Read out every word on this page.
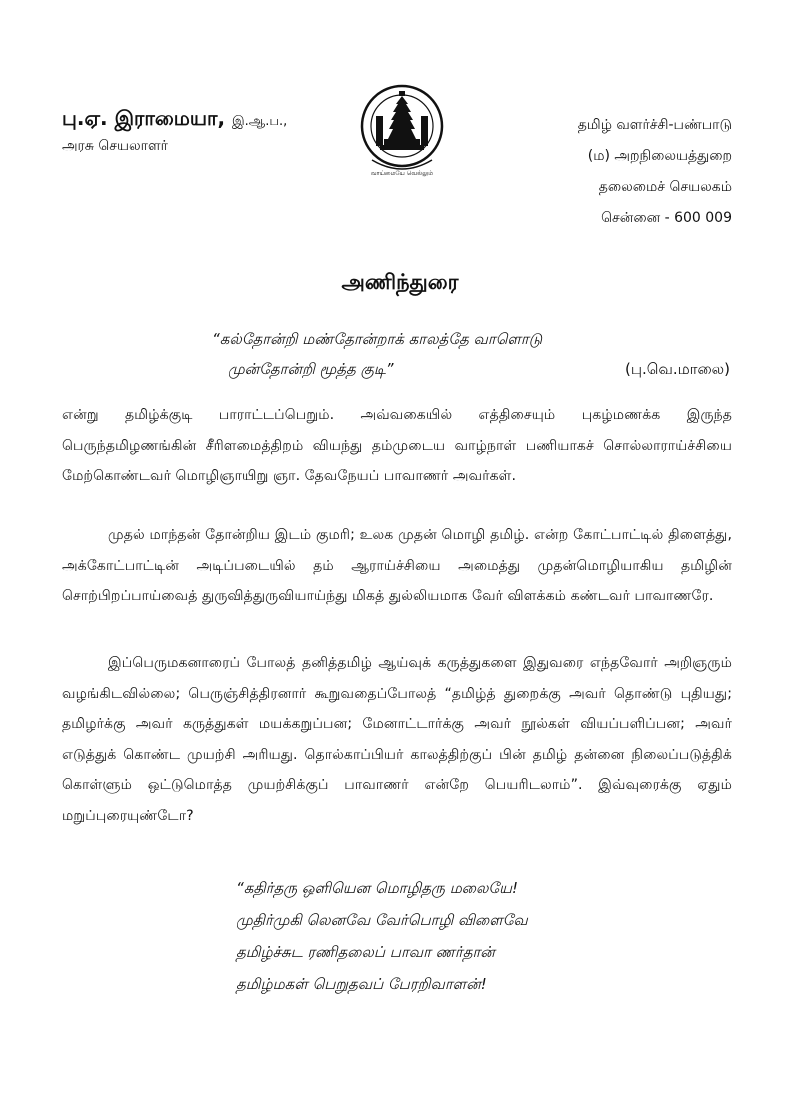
பு.ஏ. இராமையா, இ.ஆ.ப.,
அரசு செயலாளர்
வாய்மையே வெல்லும்
தமிழ் வளர்ச்சி-பண்பாடு
(ம) அறநிலையத்துறை
தலைமைச் செயலகம்
சென்னை - 600 009
அணிந்துரை
“கல்தோன்றி மண்தோன்றாக் காலத்தே வாளொடு
முன்தோன்றி மூத்த குடி”	(பு.வெ.மாலை)
என்று தமிழ்க்குடி பாராட்டப்பெறும். அவ்வகையில் எத்திசையும் புகழ்மணக்க இருந்த பெருந்தமிழணங்கின் சீரிளமைத்திறம் வியந்து தம்முடைய வாழ்நாள் பணியாகச் சொல்லாராய்ச்சியை மேற்கொண்டவர் மொழிஞாயிறு ஞா. தேவநேயப் பாவாணர் அவர்கள்.
முதல் மாந்தன் தோன்றிய இடம் குமரி; உலக முதன் மொழி தமிழ். என்ற கோட்பாட்டில் திளைத்து, அக்கோட்பாட்டின் அடிப்படையில் தம் ஆராய்ச்சியை அமைத்து முதன்மொழியாகிய தமிழின் சொற்பிறப்பாய்வைத் துருவித்துருவியாய்ந்து மிகத் துல்லியமாக வேர் விளக்கம் கண்டவர் பாவாணரே.
இப்பெருமகனாரைப் போலத் தனித்தமிழ் ஆய்வுக் கருத்துகளை இதுவரை எந்தவோர் அறிஞரும் வழங்கிடவில்லை; பெருஞ்சித்திரனார் கூறுவதைப்போலத் “தமிழ்த் துறைக்கு அவர் தொண்டு புதியது; தமிழர்க்கு அவர் கருத்துகள் மயக்கறுப்பன; மேனாட்டார்க்கு அவர் நூல்கள் வியப்பளிப்பன; அவர் எடுத்துக் கொண்ட முயற்சி அரியது. தொல்காப்பியர் காலத்திற்குப் பின் தமிழ் தன்னை நிலைப்படுத்திக் கொள்ளும் ஒட்டுமொத்த முயற்சிக்குப் பாவாணர் என்றே பெயரிடலாம்”. இவ்வுரைக்கு ஏதும் மறுப்புரையுண்டோ?
“கதிர்தரு ஒளியென மொழிதரு மலையே!
முதிர்முகி லெனவே வேர்பொழி விளைவே
தமிழ்ச்சுட ரணிதலைப் பாவா ணர்தான்
தமிழ்மகள் பெறுதவப் பேரறிவாளன்!
